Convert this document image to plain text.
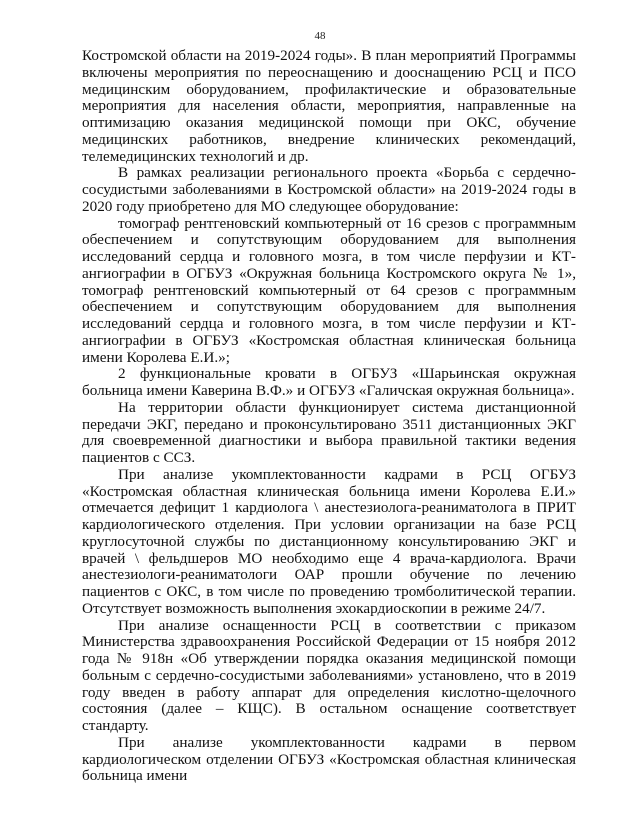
48

Костромской области на 2019-2024 годы». В план мероприятий Программы включены мероприятия по переоснащению и дооснащению РСЦ и ПСО медицинским оборудованием, профилактические и образовательные мероприятия для населения области, мероприятия, направленные на оптимизацию оказания медицинской помощи при ОКС, обучение медицинских работников, внедрение клинических рекомендаций, телемедицинских технологий и др.

В рамках реализации регионального проекта «Борьба с сердечно-сосудистыми заболеваниями в Костромской области» на 2019-2024 годы в 2020 году приобретено для МО следующее оборудование:

томограф рентгеновский компьютерный от 16 срезов с программным обеспечением и сопутствующим оборудованием для выполнения исследований сердца и головного мозга, в том числе перфузии и КТ-ангиографии в ОГБУЗ «Окружная больница Костромского округа № 1», томограф рентгеновский компьютерный от 64 срезов с программным обеспечением и сопутствующим оборудованием для выполнения исследований сердца и головного мозга, в том числе перфузии и КТ-ангиографии в ОГБУЗ «Костромская областная клиническая больница имени Королева Е.И.»;

2 функциональные кровати в ОГБУЗ «Шарьинская окружная больница имени Каверина В.Ф.» и ОГБУЗ «Галичская окружная больница».

На территории области функционирует система дистанционной передачи ЭКГ, передано и проконсультировано 3511 дистанционных ЭКГ для своевременной диагностики и выбора правильной тактики ведения пациентов с ССЗ.

При анализе укомплектованности кадрами в РСЦ ОГБУЗ «Костромская областная клиническая больница имени Королева Е.И.» отмечается дефицит 1 кардиолога \ анестезиолога-реаниматолога в ПРИТ кардиологического отделения. При условии организации на базе РСЦ круглосуточной службы по дистанционному консультированию ЭКГ и врачей \ фельдшеров МО необходимо еще 4 врача-кардиолога. Врачи анестезиологи-реаниматологи ОАР прошли обучение по лечению пациентов с ОКС, в том числе по проведению тромболитической терапии. Отсутствует возможность выполнения эхокардиоскопии в режиме 24/7.

При анализе оснащенности РСЦ в соответствии с приказом Министерства здравоохранения Российской Федерации от 15 ноября 2012 года № 918н «Об утверждении порядка оказания медицинской помощи больным с сердечно-сосудистыми заболеваниями» установлено, что в 2019 году введен в работу аппарат для определения кислотно-щелочного состояния (далее – КЩС). В остальном оснащение соответствует стандарту.

При анализе укомплектованности кадрами в первом кардиологическом отделении ОГБУЗ «Костромская областная клиническая больница имени
